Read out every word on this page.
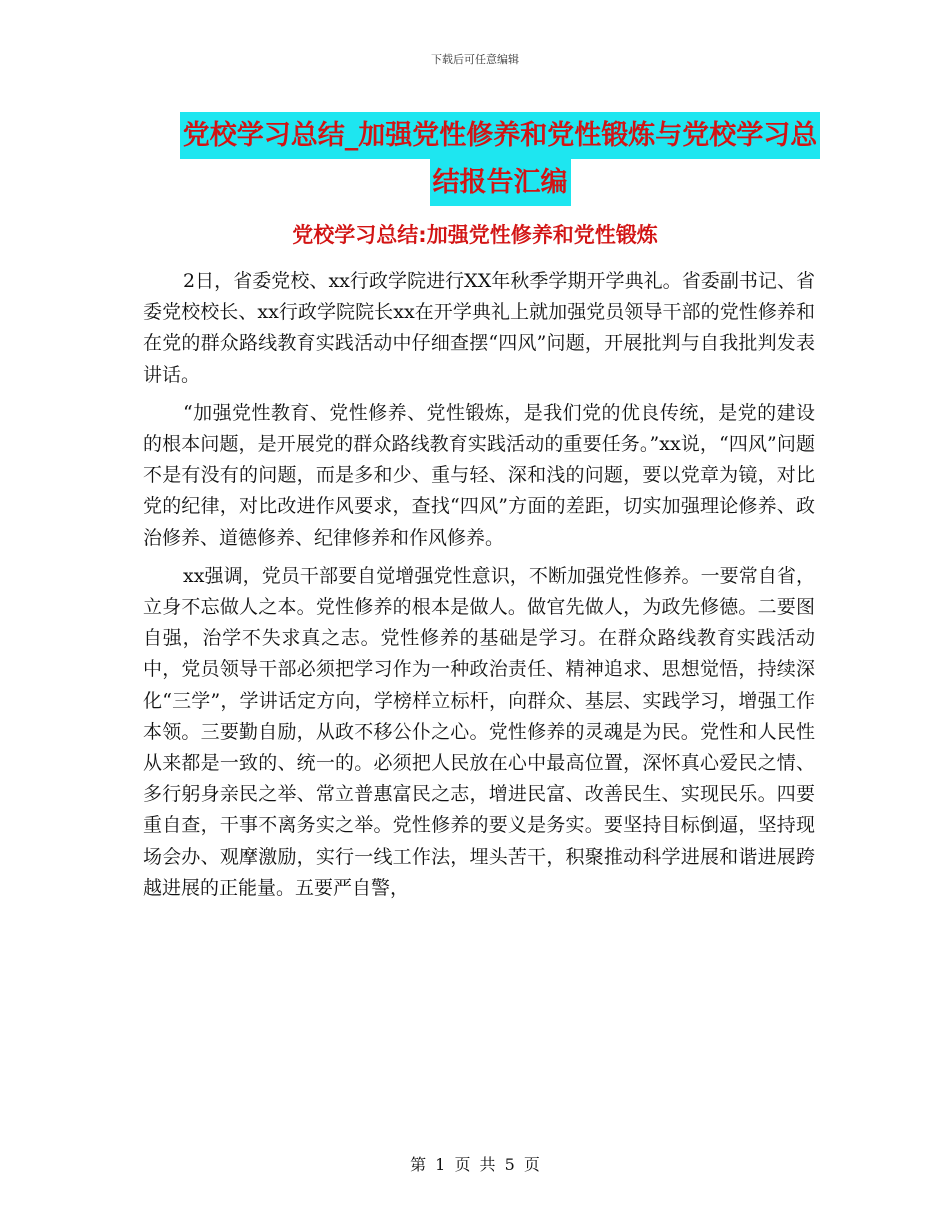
下载后可任意编辑
党校学习总结_加强党性修养和党性锻炼与党校学习总
结报告汇编
党校学习总结:加强党性修养和党性锻炼

2日，省委党校、xx行政学院进行XX年秋季学期开学典礼。省委副书记、省委党校校长、xx行政学院院长xx在开学典礼上就加强党员领导干部的党性修养和在党的群众路线教育实践活动中仔细查摆“四风”问题，开展批判与自我批判发表讲话。

“加强党性教育、党性修养、党性锻炼，是我们党的优良传统，是党的建设的根本问题，是开展党的群众路线教育实践活动的重要任务。”xx说，“四风”问题不是有没有的问题，而是多和少、重与轻、深和浅的问题，要以党章为镜，对比党的纪律，对比改进作风要求，查找“四风”方面的差距，切实加强理论修养、政治修养、道德修养、纪律修养和作风修养。

xx强调，党员干部要自觉增强党性意识，不断加强党性修养。一要常自省，立身不忘做人之本。党性修养的根本是做人。做官先做人，为政先修德。二要图自强，治学不失求真之志。党性修养的基础是学习。在群众路线教育实践活动中，党员领导干部必须把学习作为一种政治责任、精神追求、思想觉悟，持续深化“三学”，学讲话定方向，学榜样立标杆，向群众、基层、实践学习，增强工作本领。三要勤自励，从政不移公仆之心。党性修养的灵魂是为民。党性和人民性从来都是一致的、统一的。必须把人民放在心中最高位置，深怀真心爱民之情、多行躬身亲民之举、常立普惠富民之志，增进民富、改善民生、实现民乐。四要重自查，干事不离务实之举。党性修养的要义是务实。要坚持目标倒逼，坚持现场会办、观摩激励，实行一线工作法，埋头苦干，积聚推动科学进展和谐进展跨越进展的正能量。五要严自警，

第 1 页 共 5 页
